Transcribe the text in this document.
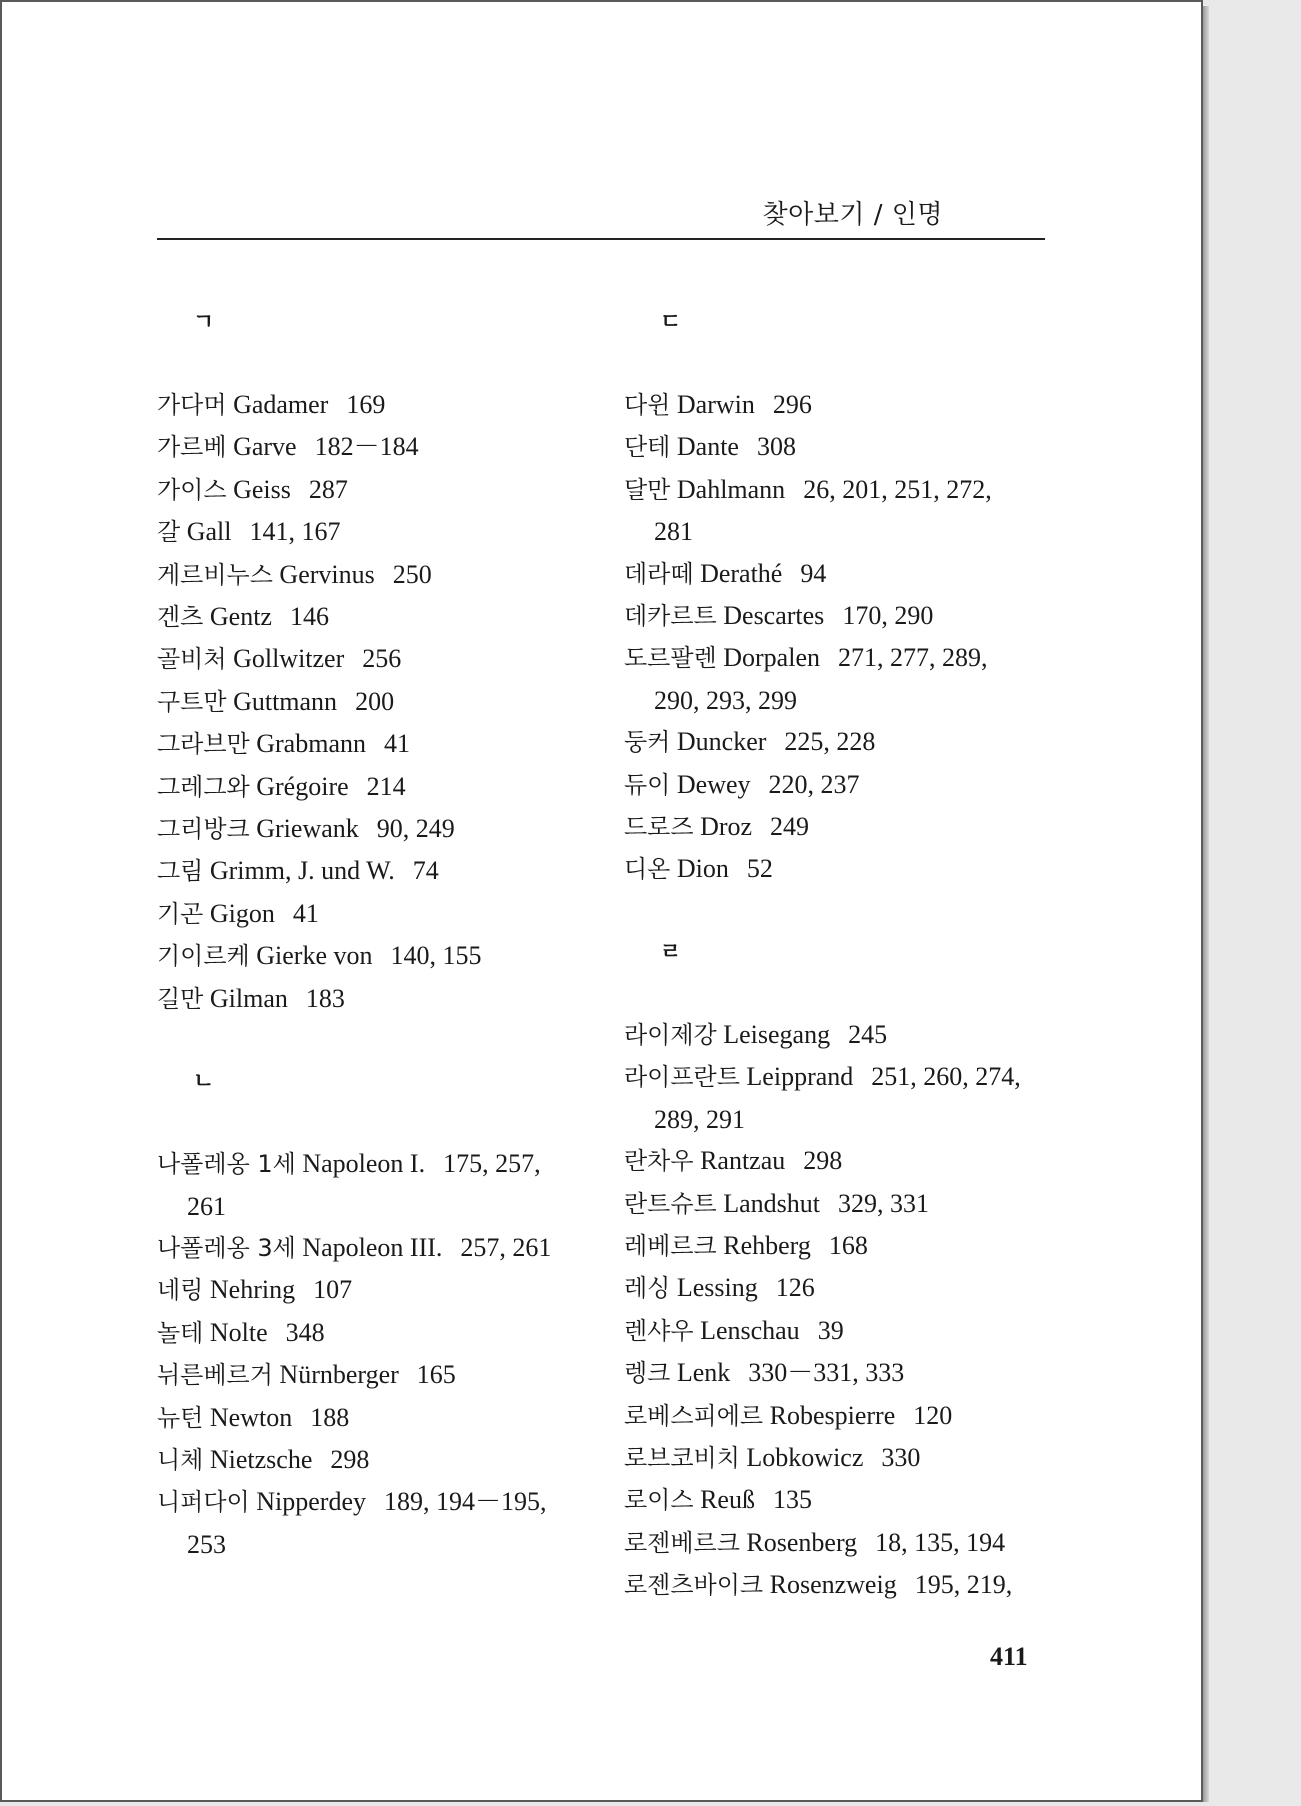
찾아보기 / 인명
ㄱ
가다머 Gadamer 169
가르베 Garve 182－184
가이스 Geiss 287
갈 Gall 141, 167
게르비누스 Gervinus 250
겐츠 Gentz 146
골비처 Gollwitzer 256
구트만 Guttmann 200
그라브만 Grabmann 41
그레그와 Grégoire 214
그리방크 Griewank 90, 249
그림 Grimm, J. und W. 74
기곤 Gigon 41
기이르케 Gierke von 140, 155
길만 Gilman 183
ㄴ
나폴레옹 1세 Napoleon I. 175, 257,
261
나폴레옹 3세 Napoleon III. 257, 261
네링 Nehring 107
놀테 Nolte 348
뉘른베르거 Nürnberger 165
뉴턴 Newton 188
니체 Nietzsche 298
니퍼다이 Nipperdey 189, 194－195,
253
ㄷ
다윈 Darwin 296
단테 Dante 308
달만 Dahlmann 26, 201, 251, 272,
281
데라떼 Derathé 94
데카르트 Descartes 170, 290
도르팔렌 Dorpalen 271, 277, 289,
290, 293, 299
둥커 Duncker 225, 228
듀이 Dewey 220, 237
드로즈 Droz 249
디온 Dion 52
ㄹ
라이제강 Leisegang 245
라이프란트 Leipprand 251, 260, 274,
289, 291
란차우 Rantzau 298
란트슈트 Landshut 329, 331
레베르크 Rehberg 168
레싱 Lessing 126
렌샤우 Lenschau 39
렝크 Lenk 330－331, 333
로베스피에르 Robespierre 120
로브코비치 Lobkowicz 330
로이스 Reuß 135
로젠베르크 Rosenberg 18, 135, 194
로젠츠바이크 Rosenzweig 195, 219,
411
